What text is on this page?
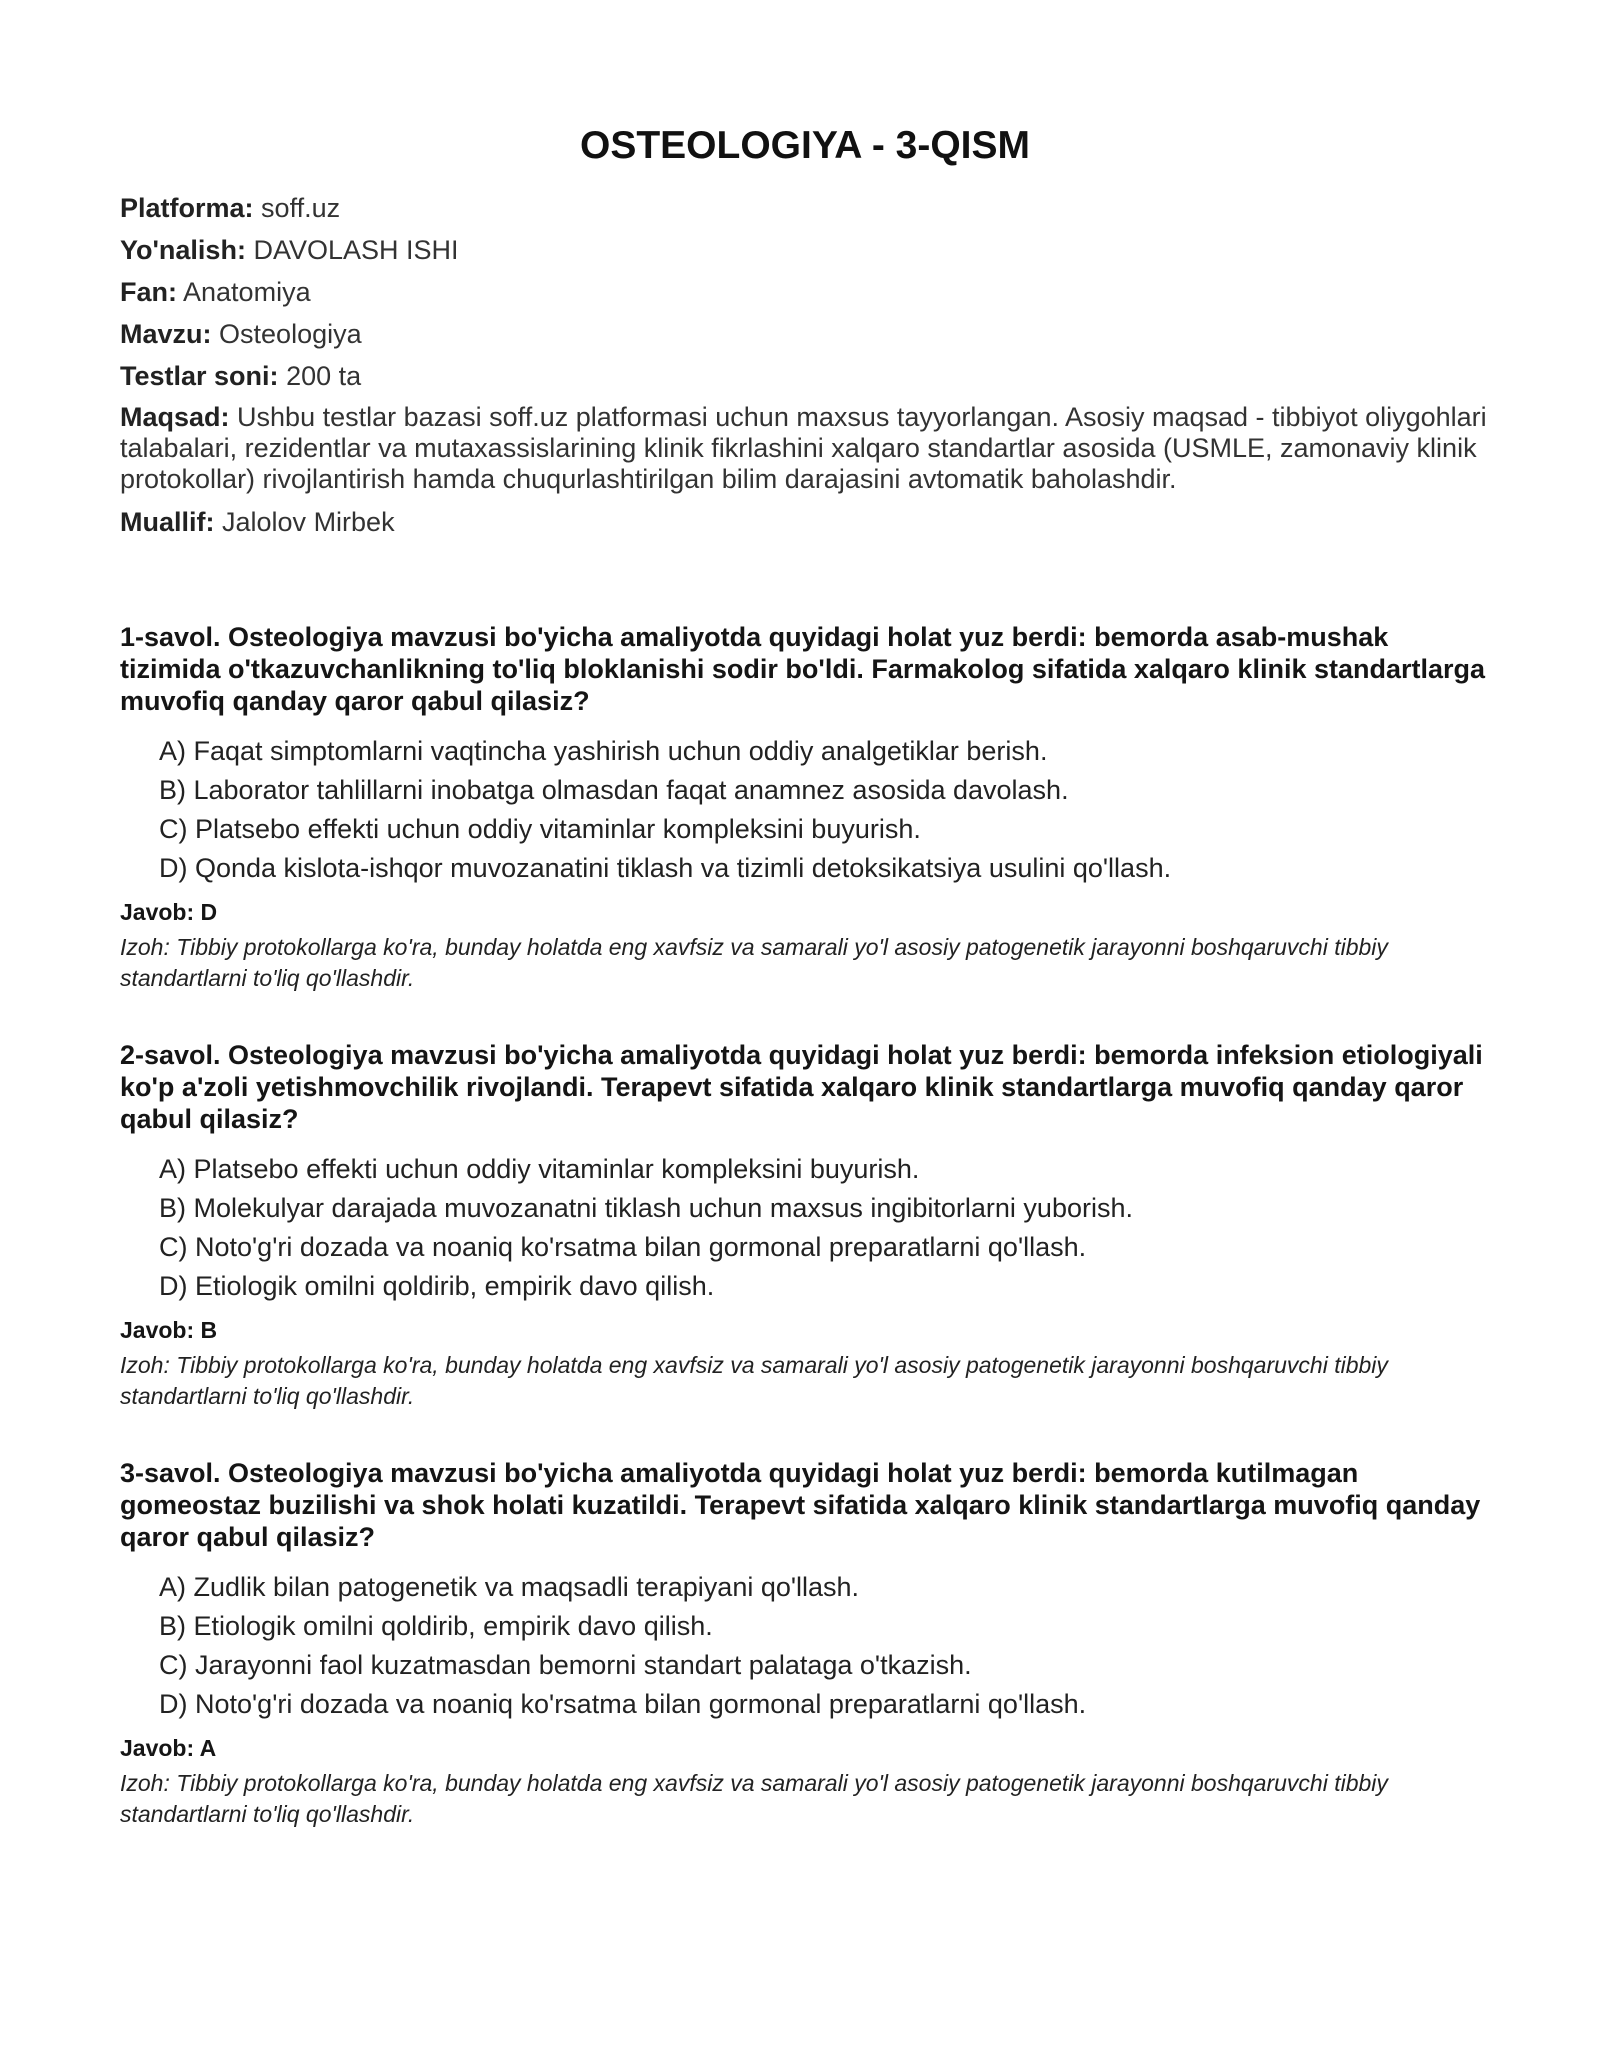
OSTEOLOGIYA - 3-QISM

Platforma: soff.uz

Yo'nalish: DAVOLASH ISHI

Fan: Anatomiya

Mavzu: Osteologiya

Testlar soni: 200 ta

Maqsad: Ushbu testlar bazasi soff.uz platformasi uchun maxsus tayyorlangan. Asosiy maqsad - tibbiyot oliygohlari talabalari, rezidentlar va mutaxassislarining klinik fikrlashini xalqaro standartlar asosida (USMLE, zamonaviy klinik protokollar) rivojlantirish hamda chuqurlashtirilgan bilim darajasini avtomatik baholashdir.

Muallif: Jalolov Mirbek

1-savol. Osteologiya mavzusi bo'yicha amaliyotda quyidagi holat yuz berdi: bemorda asab-mushak tizimida o'tkazuvchanlikning to'liq bloklanishi sodir bo'ldi. Farmakolog sifatida xalqaro klinik standartlarga muvofiq qanday qaror qabul qilasiz?

A) Faqat simptomlarni vaqtincha yashirish uchun oddiy analgetiklar berish.
B) Laborator tahlillarni inobatga olmasdan faqat anamnez asosida davolash.
C) Platsebo effekti uchun oddiy vitaminlar kompleksini buyurish.
D) Qonda kislota-ishqor muvozanatini tiklash va tizimli detoksikatsiya usulini qo'llash.

Javob: D

Izoh: Tibbiy protokollarga ko'ra, bunday holatda eng xavfsiz va samarali yo'l asosiy patogenetik jarayonni boshqaruvchi tibbiy standartlarni to'liq qo'llashdir.

2-savol. Osteologiya mavzusi bo'yicha amaliyotda quyidagi holat yuz berdi: bemorda infeksion etiologiyali ko'p a'zoli yetishmovchilik rivojlandi. Terapevt sifatida xalqaro klinik standartlarga muvofiq qanday qaror qabul qilasiz?

A) Platsebo effekti uchun oddiy vitaminlar kompleksini buyurish.
B) Molekulyar darajada muvozanatni tiklash uchun maxsus ingibitorlarni yuborish.
C) Noto'g'ri dozada va noaniq ko'rsatma bilan gormonal preparatlarni qo'llash.
D) Etiologik omilni qoldirib, empirik davo qilish.

Javob: B

Izoh: Tibbiy protokollarga ko'ra, bunday holatda eng xavfsiz va samarali yo'l asosiy patogenetik jarayonni boshqaruvchi tibbiy standartlarni to'liq qo'llashdir.

3-savol. Osteologiya mavzusi bo'yicha amaliyotda quyidagi holat yuz berdi: bemorda kutilmagan gomeostaz buzilishi va shok holati kuzatildi. Terapevt sifatida xalqaro klinik standartlarga muvofiq qanday qaror qabul qilasiz?

A) Zudlik bilan patogenetik va maqsadli terapiyani qo'llash.
B) Etiologik omilni qoldirib, empirik davo qilish.
C) Jarayonni faol kuzatmasdan bemorni standart palataga o'tkazish.
D) Noto'g'ri dozada va noaniq ko'rsatma bilan gormonal preparatlarni qo'llash.

Javob: A

Izoh: Tibbiy protokollarga ko'ra, bunday holatda eng xavfsiz va samarali yo'l asosiy patogenetik jarayonni boshqaruvchi tibbiy standartlarni to'liq qo'llashdir.
